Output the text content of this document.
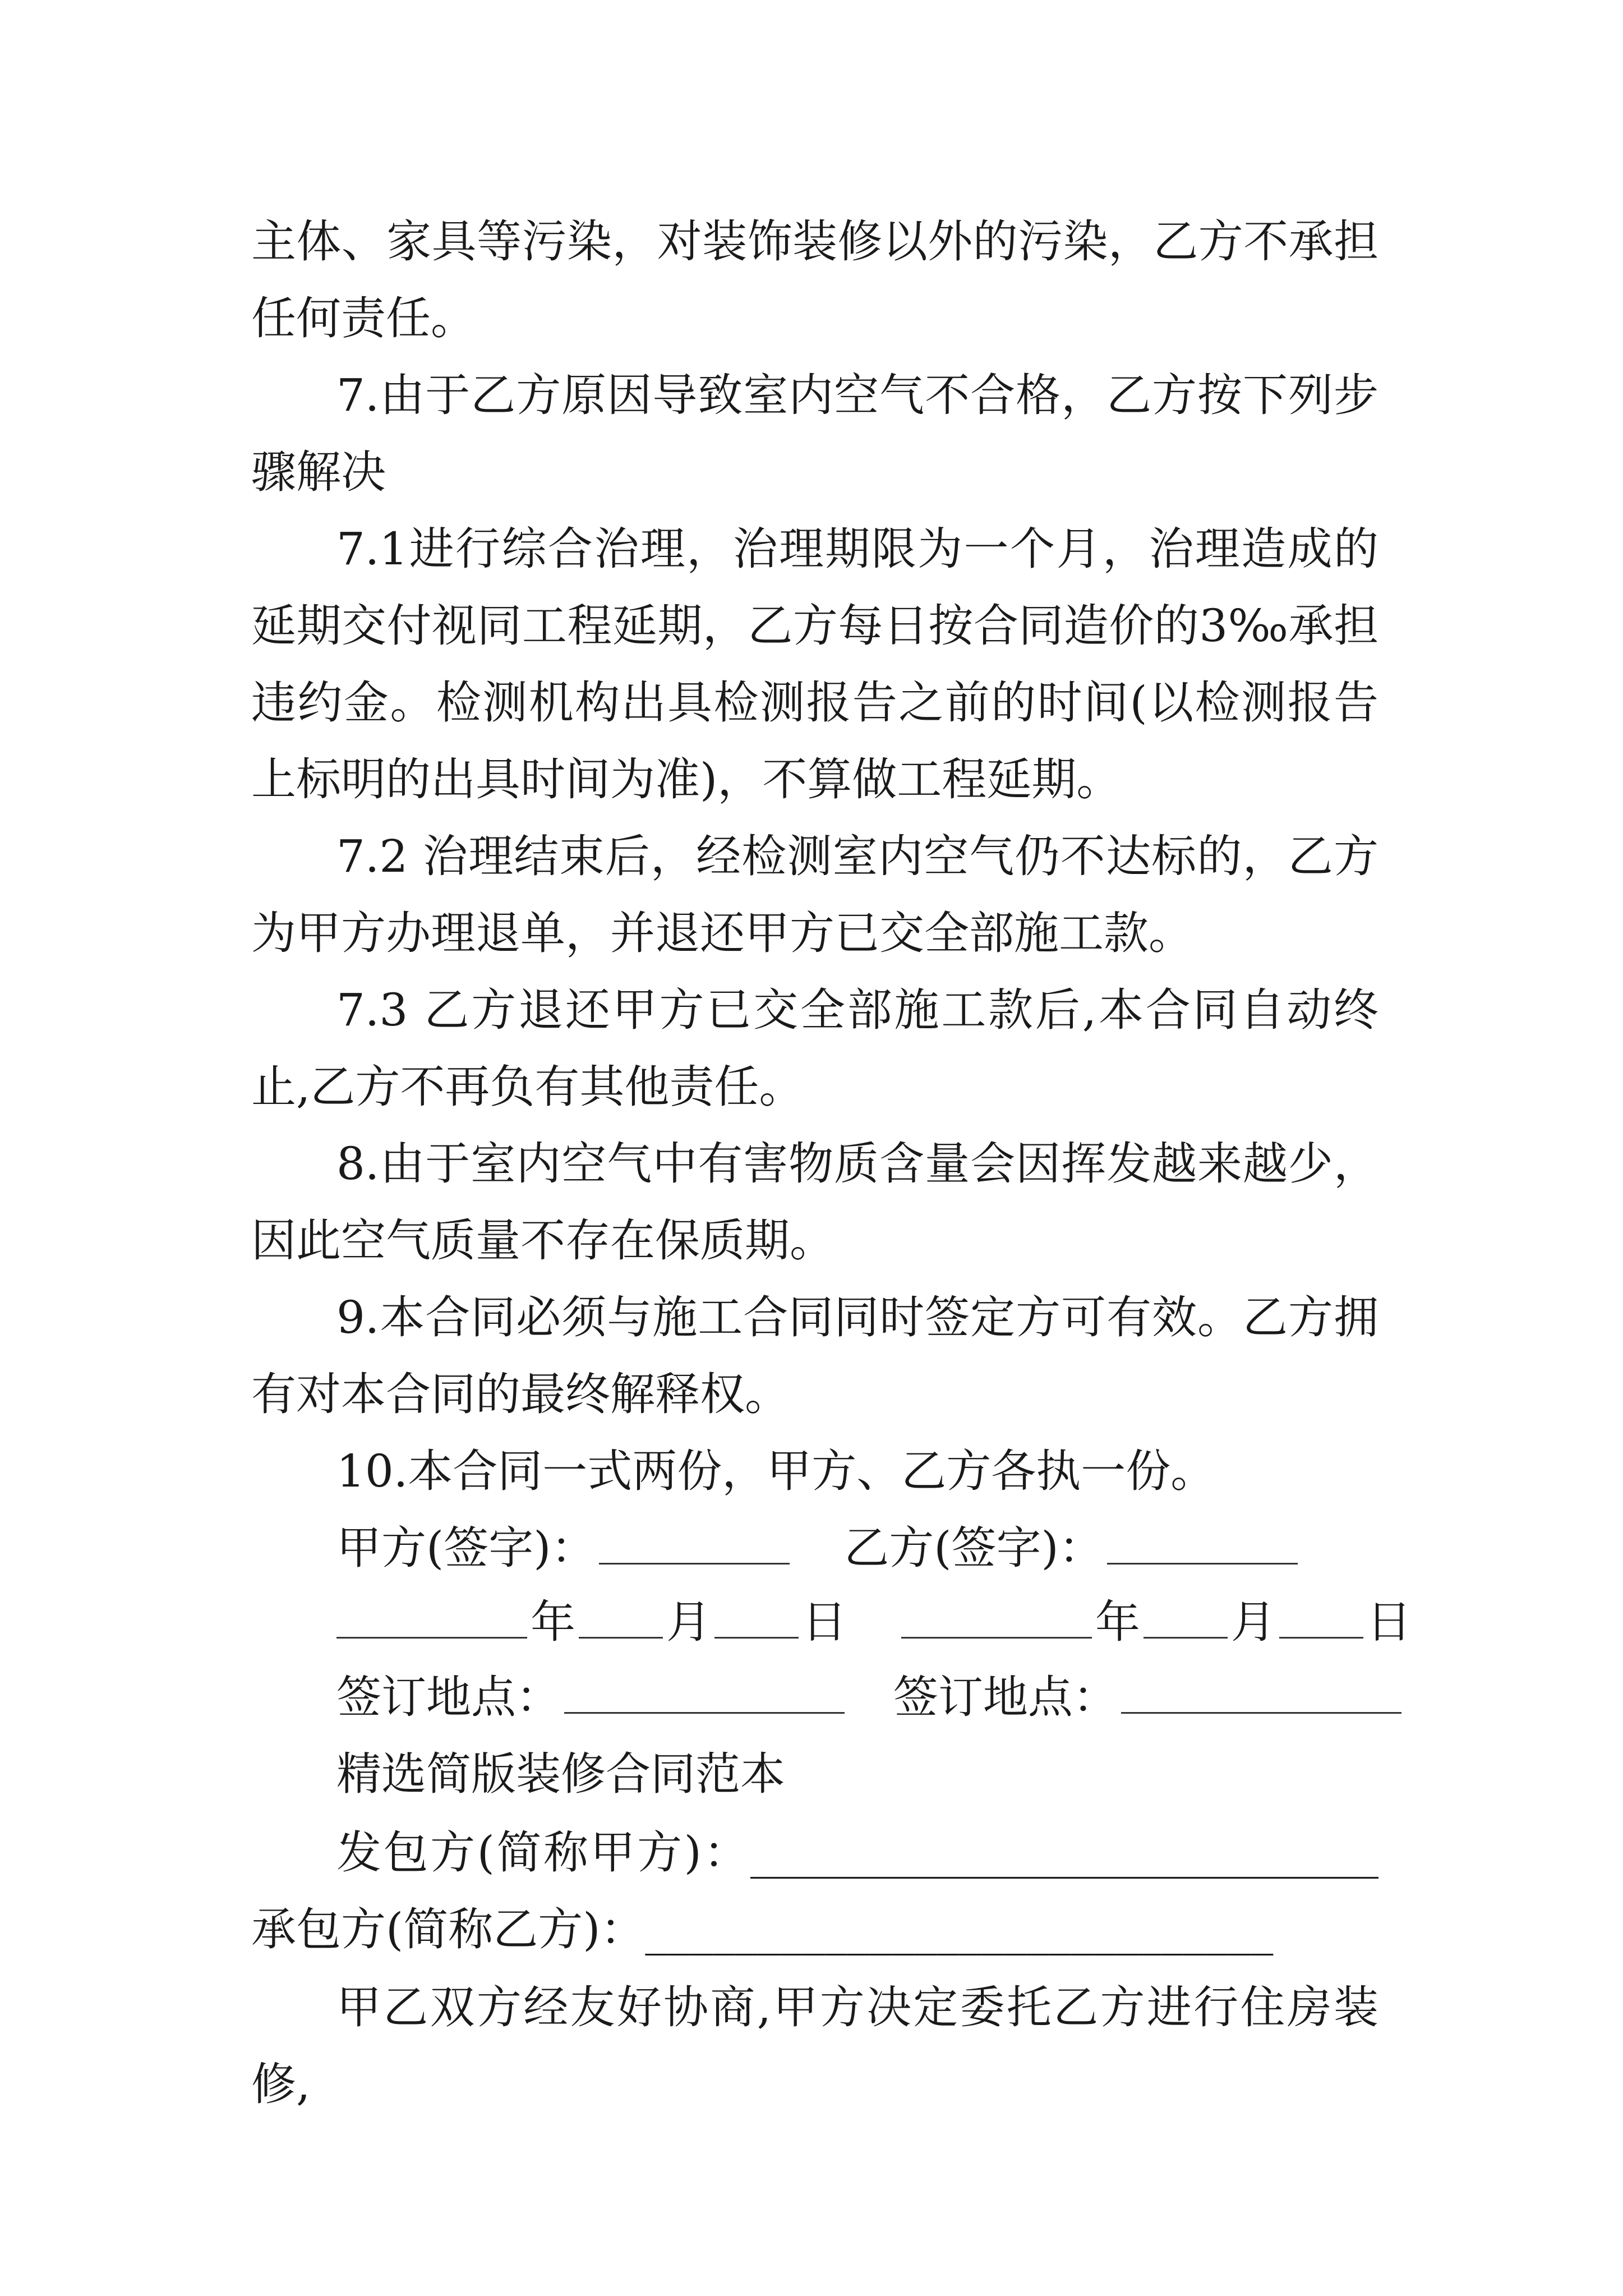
主体、家具等污染，对装饰装修以外的污染，乙方不承担任何责任。

7.由于乙方原因导致室内空气不合格，乙方按下列步骤解决

7.1进行综合治理，治理期限为一个月，治理造成的延期交付视同工程延期，乙方每日按合同造价的3‰承担违约金。检测机构出具检测报告之前的时间(以检测报告上标明的出具时间为准)，不算做工程延期。

7.2 治理结束后，经检测室内空气仍不达标的，乙方为甲方办理退单，并退还甲方已交全部施工款。

7.3 乙方退还甲方已交全部施工款后,本合同自动终止,乙方不再负有其他责任。

8.由于室内空气中有害物质含量会因挥发越来越少，因此空气质量不存在保质期。

9.本合同必须与施工合同同时签定方可有效。乙方拥有对本合同的最终解释权。

10.本合同一式两份，甲方、乙方各执一份。

甲方(签字)：	乙方(签字)：
年 月 日	年 月 日
签订地点：	签订地点：

精选简版装修合同范本

发包方(简称甲方)：____________________________ 承包方(简称乙方)：____________________________

甲乙双方经友好协商,甲方决定委托乙方进行住房装修,
